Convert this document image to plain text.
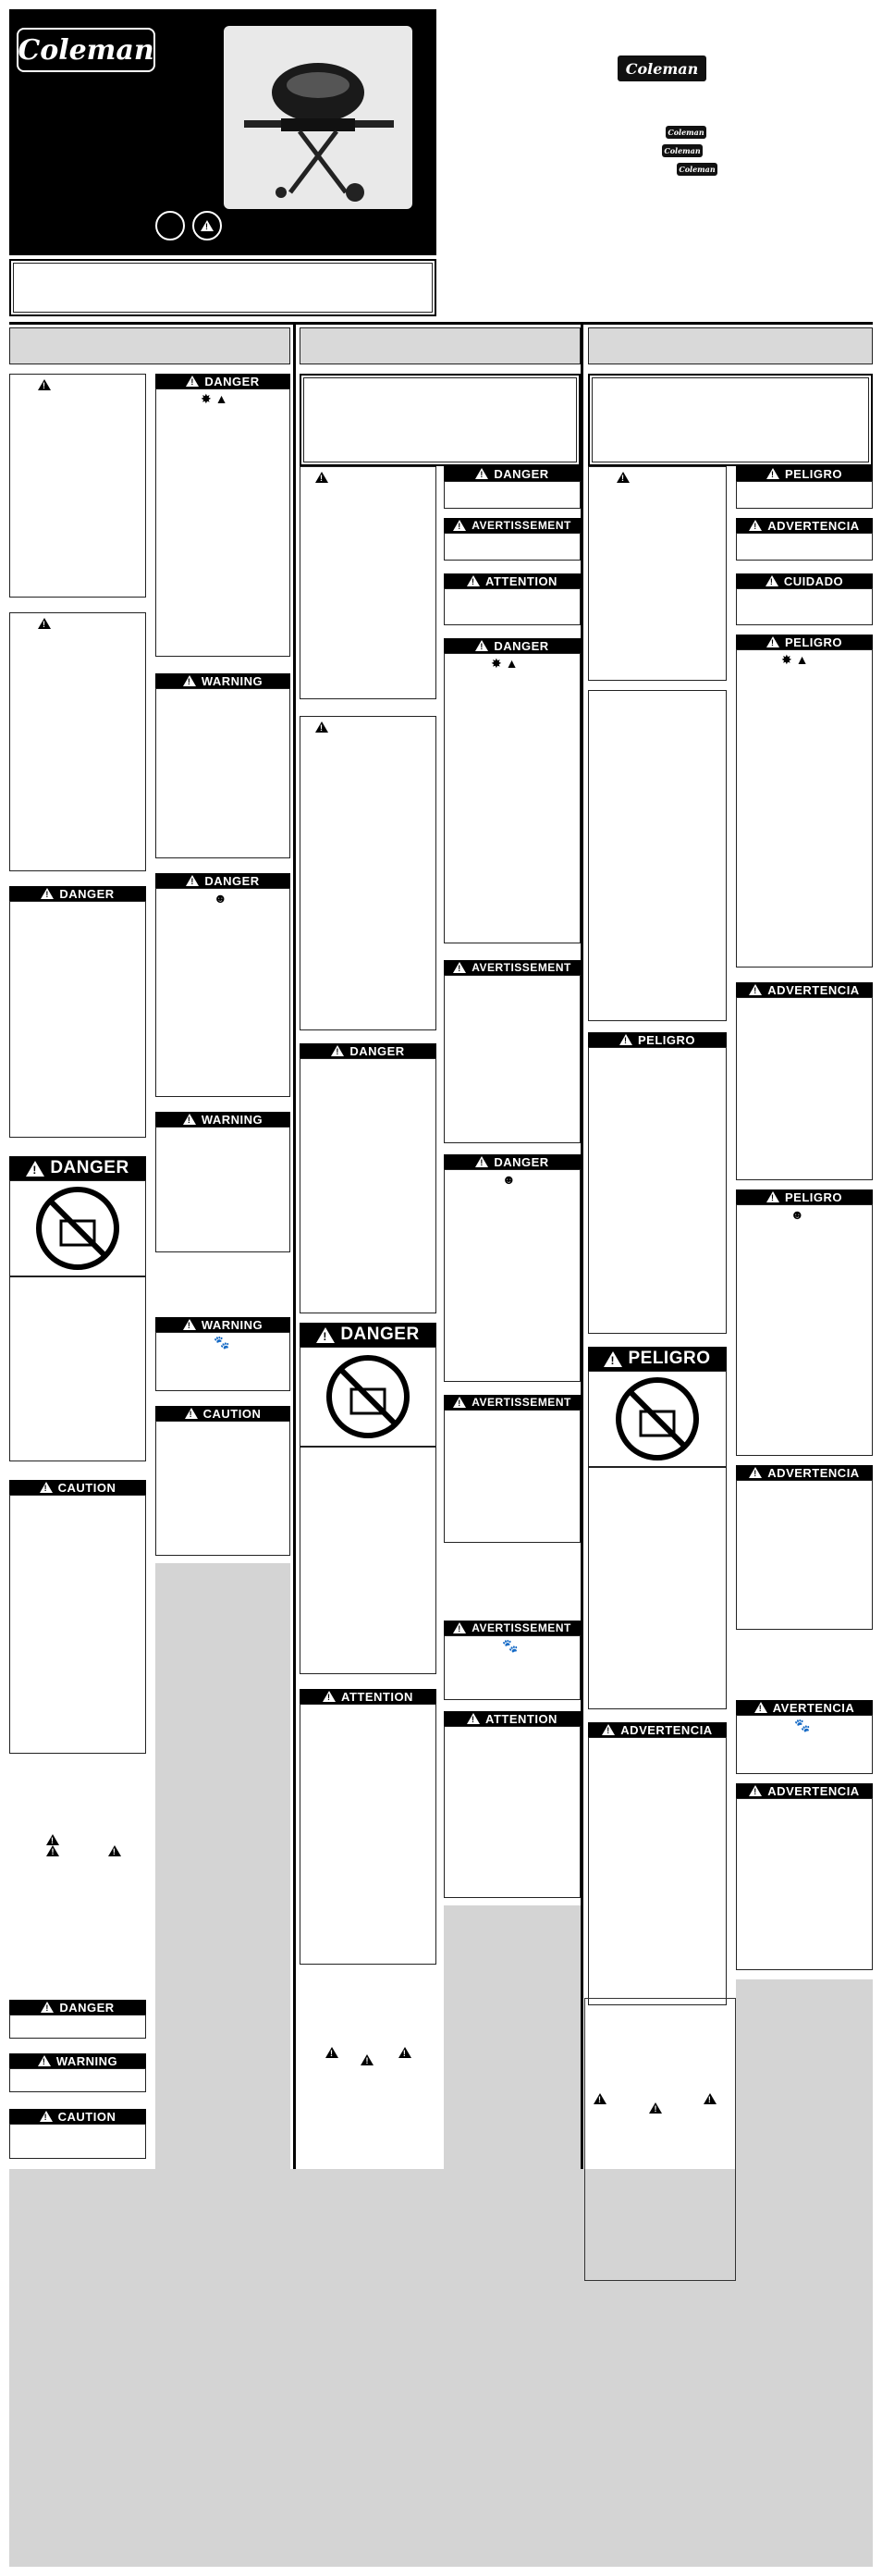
Coleman
!
Coleman
Coleman
Coleman
Coleman
!
!
!
DANGER
!
DANGER
!
CAUTION
! ! !
!
DANGER
!
WARNING
!
CAUTION
!
DANGER
✸ ▲
!
WARNING
!
DANGER
☻
!
WARNING
!
WARNING
🐾
!
CAUTION
!
!
!
DANGER
!
DANGER
!
ATTENTION
! ! !
!
DANGER
!
AVERTISSEMENT
!
ATTENTION
!
DANGER
✸ ▲
!
AVERTISSEMENT
!
DANGER
☻
!
AVERTISSEMENT
!
AVERTISSEMENT
🐾
!
ATTENTION
!
!
PELIGRO
!
PELIGRO
!
ADVERTENCIA
! ! !
!
PELIGRO
!
ADVERTENCIA
!
CUIDADO
!
PELIGRO
✸ ▲
!
ADVERTENCIA
!
PELIGRO
☻
!
ADVERTENCIA
!
AVERTENCIA
🐾
!
ADVERTENCIA
